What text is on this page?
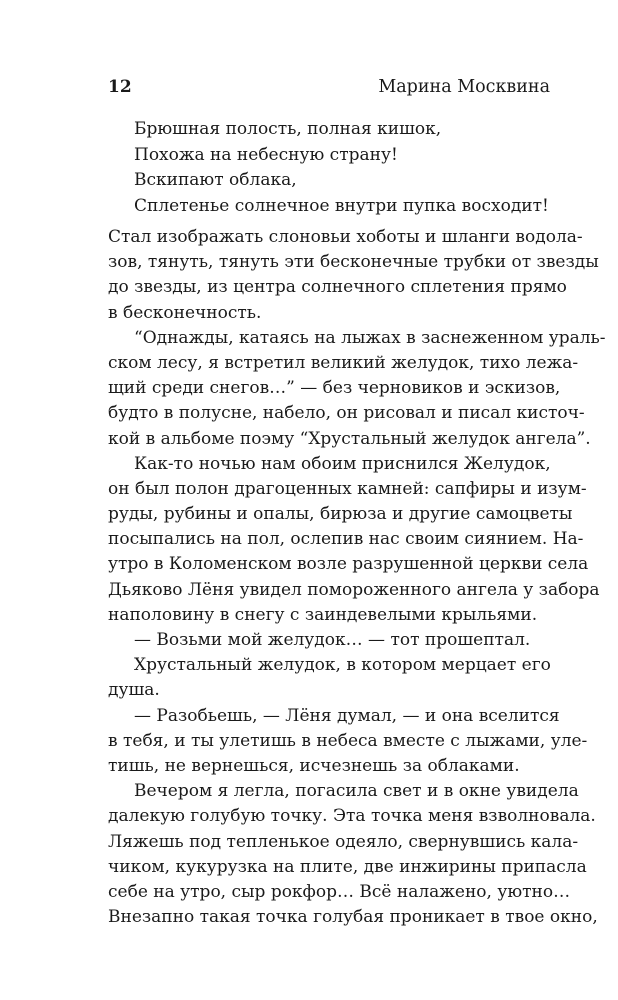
12	Марина Москвина
Брюшная полость, полная кишок,
Похожа на небесную страну!
Вскипают облака,
Сплетенье солнечное внутри пупка восходит!
Стал изображать слоновьи хоботы и шланги водола-
зов, тянуть, тянуть эти бесконечные трубки от звезды
до звезды, из центра солнечного сплетения прямо
в бесконечность.
“Однажды, катаясь на лыжах в заснеженном ураль-
ском лесу, я встретил великий желудок, тихо лежа-
щий среди снегов…” — без черновиков и эскизов,
будто в полусне, набело, он рисовал и писал кисточ-
кой в альбоме поэму “Хрустальный желудок ангела”.
Как-то ночью нам обоим приснился Желудок,
он был полон драгоценных камней: сапфиры и изум-
руды, рубины и опалы, бирюза и другие самоцветы
посыпались на пол, ослепив нас своим сиянием. На-
утро в Коломенском возле разрушенной церкви села
Дьяково Лёня увидел поморoженного ангела у забора
наполовину в снегу с заиндевелыми крыльями.
— Возьми мой желудок… — тот прошептал.
Хрустальный желудок, в котором мерцает его
душа.
— Разобьешь, — Лёня думал, — и она вселится
в тебя, и ты улетишь в небеса вместе с лыжами, уле-
тишь, не вернешься, исчезнешь за облаками.
Вечером я легла, погасила свет и в окне увидела
далекую голубую точку. Эта точка меня взволновала.
Ляжешь под тепленькое одеяло, свернувшись кала-
чиком, кукурузка на плите, две инжирины припасла
себе на утро, сыр рокфор… Всё налажено, уютно…
Внезапно такая точка голубая проникает в твое окно,
